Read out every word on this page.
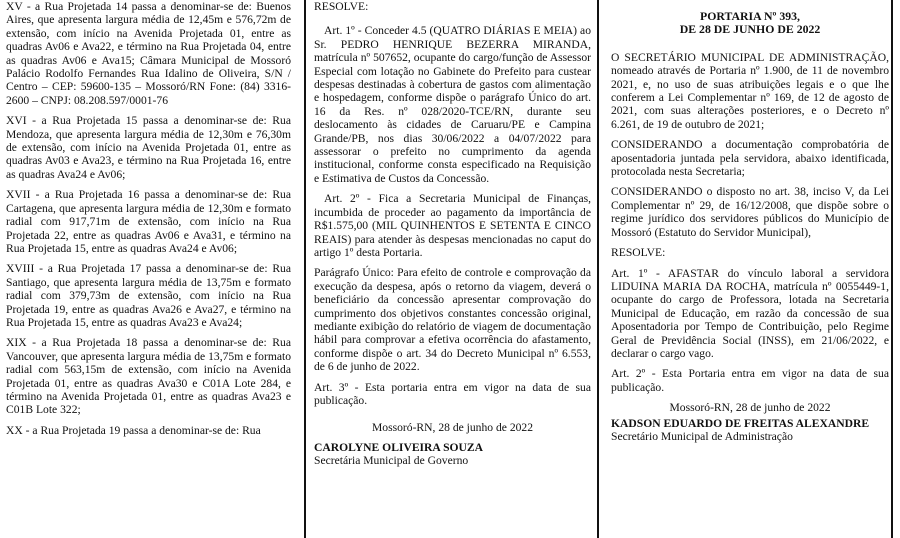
XV - a Rua Projetada 14 passa a denominar-se de: Buenos Aires, que apresenta largura média de 12,45m e 576,72m de extensão, com início na Avenida Projetada 01, entre as quadras Av06 e Ava22, e término na Rua Projetada 04, entre as quadras Av06 e Ava15; Câmara Municipal de Mossoró Palácio Rodolfo Fernandes Rua Idalino de Oliveira, S/N / Centro – CEP: 59600-135 – Mossoró/RN Fone: (84) 3316-2600 – CNPJ: 08.208.597/0001-76

XVI - a Rua Projetada 15 passa a denominar-se de: Rua Mendoza, que apresenta largura média de 12,30m e 76,30m de extensão, com início na Avenida Projetada 01, entre as quadras Av03 e Ava23, e término na Rua Projetada 16, entre as quadras Ava24 e Av06;

XVII - a Rua Projetada 16 passa a denominar-se de: Rua Cartagena, que apresenta largura média de 12,30m e formato radial com 917,71m de extensão, com início na Rua Projetada 22, entre as quadras Av06 e Ava31, e término na Rua Projetada 15, entre as quadras Ava24 e Av06;

XVIII - a Rua Projetada 17 passa a denominar-se de: Rua Santiago, que apresenta largura média de 13,75m e formato radial com 379,73m de extensão, com início na Rua Projetada 19, entre as quadras Ava26 e Ava27, e término na Rua Projetada 15, entre as quadras Ava23 e Ava24;

XIX - a Rua Projetada 18 passa a denominar-se de: Rua Vancouver, que apresenta largura média de 13,75m e formato radial com 563,15m de extensão, com início na Avenida Projetada 01, entre as quadras Ava30 e C01A Lote 284, e término na Avenida Projetada 01, entre as quadras Ava23 e C01B Lote 322;

XX - a Rua Projetada 19 passa a denominar-se de: Rua

RESOLVE:

Art. 1º - Conceder 4.5 (QUATRO DIÁRIAS E MEIA) ao Sr. PEDRO HENRIQUE BEZERRA MIRANDA, matrícula nº 507652, ocupante do cargo/função de Assessor Especial com lotação no Gabinete do Prefeito para custear despesas destinadas à cobertura de gastos com alimentação e hospedagem, conforme dispõe o parágrafo Único do art. 16 da Res. nº 028/2020-TCE/RN, durante seu deslocamento às cidades de Caruaru/PE e Campina Grande/PB, nos dias 30/06/2022 a 04/07/2022 para assessorar o prefeito no cumprimento da agenda institucional, conforme consta especificado na Requisição e Estimativa de Custos da Concessão.

Art. 2º - Fica a Secretaria Municipal de Finanças, incumbida de proceder ao pagamento da importância de R$1.575,00 (MIL QUINHENTOS E SETENTA E CINCO REAIS) para atender às despesas mencionadas no caput do artigo 1º desta Portaria.

Parágrafo Único: Para efeito de controle e comprovação da execução da despesa, após o retorno da viagem, deverá o beneficiário da concessão apresentar comprovação do cumprimento dos objetivos constantes concessão original, mediante exibição do relatório de viagem de documentação hábil para comprovar a efetiva ocorrência do afastamento, conforme dispõe o art. 34 do Decreto Municipal nº 6.553, de 6 de junho de 2022.

Art. 3º - Esta portaria entra em vigor na data de sua publicação.

Mossoró-RN, 28 de junho de 2022

CAROLYNE OLIVEIRA SOUZA

Secretária Municipal de Governo

PORTARIA Nº 393,
DE 28 DE JUNHO DE 2022

O SECRETÁRIO MUNICIPAL DE ADMINISTRAÇÃO, nomeado através de Portaria nº 1.900, de 11 de novembro 2021, e, no uso de suas atribuições legais e o que lhe conferem a Lei Complementar nº 169, de 12 de agosto de 2021, com suas alterações posteriores, e o Decreto nº 6.261, de 19 de outubro de 2021;

CONSIDERANDO a documentação comprobatória de aposentadoria juntada pela servidora, abaixo identificada, protocolada nesta Secretaria;

CONSIDERANDO o disposto no art. 38, inciso V, da Lei Complementar nº 29, de 16/12/2008, que dispõe sobre o regime jurídico dos servidores públicos do Município de Mossoró (Estatuto do Servidor Municipal),

RESOLVE:

Art. 1º - AFASTAR do vínculo laboral a servidora LIDUINA MARIA DA ROCHA, matrícula nº 0055449-1, ocupante do cargo de Professora, lotada na Secretaria Municipal de Educação, em razão da concessão de sua Aposentadoria por Tempo de Contribuição, pelo Regime Geral de Previdência Social (INSS), em 21/06/2022, e declarar o cargo vago.

Art. 2º - Esta Portaria entra em vigor na data de sua publicação.

Mossoró-RN, 28 de junho de 2022

KADSON EDUARDO DE FREITAS ALEXANDRE

Secretário Municipal de Administração
